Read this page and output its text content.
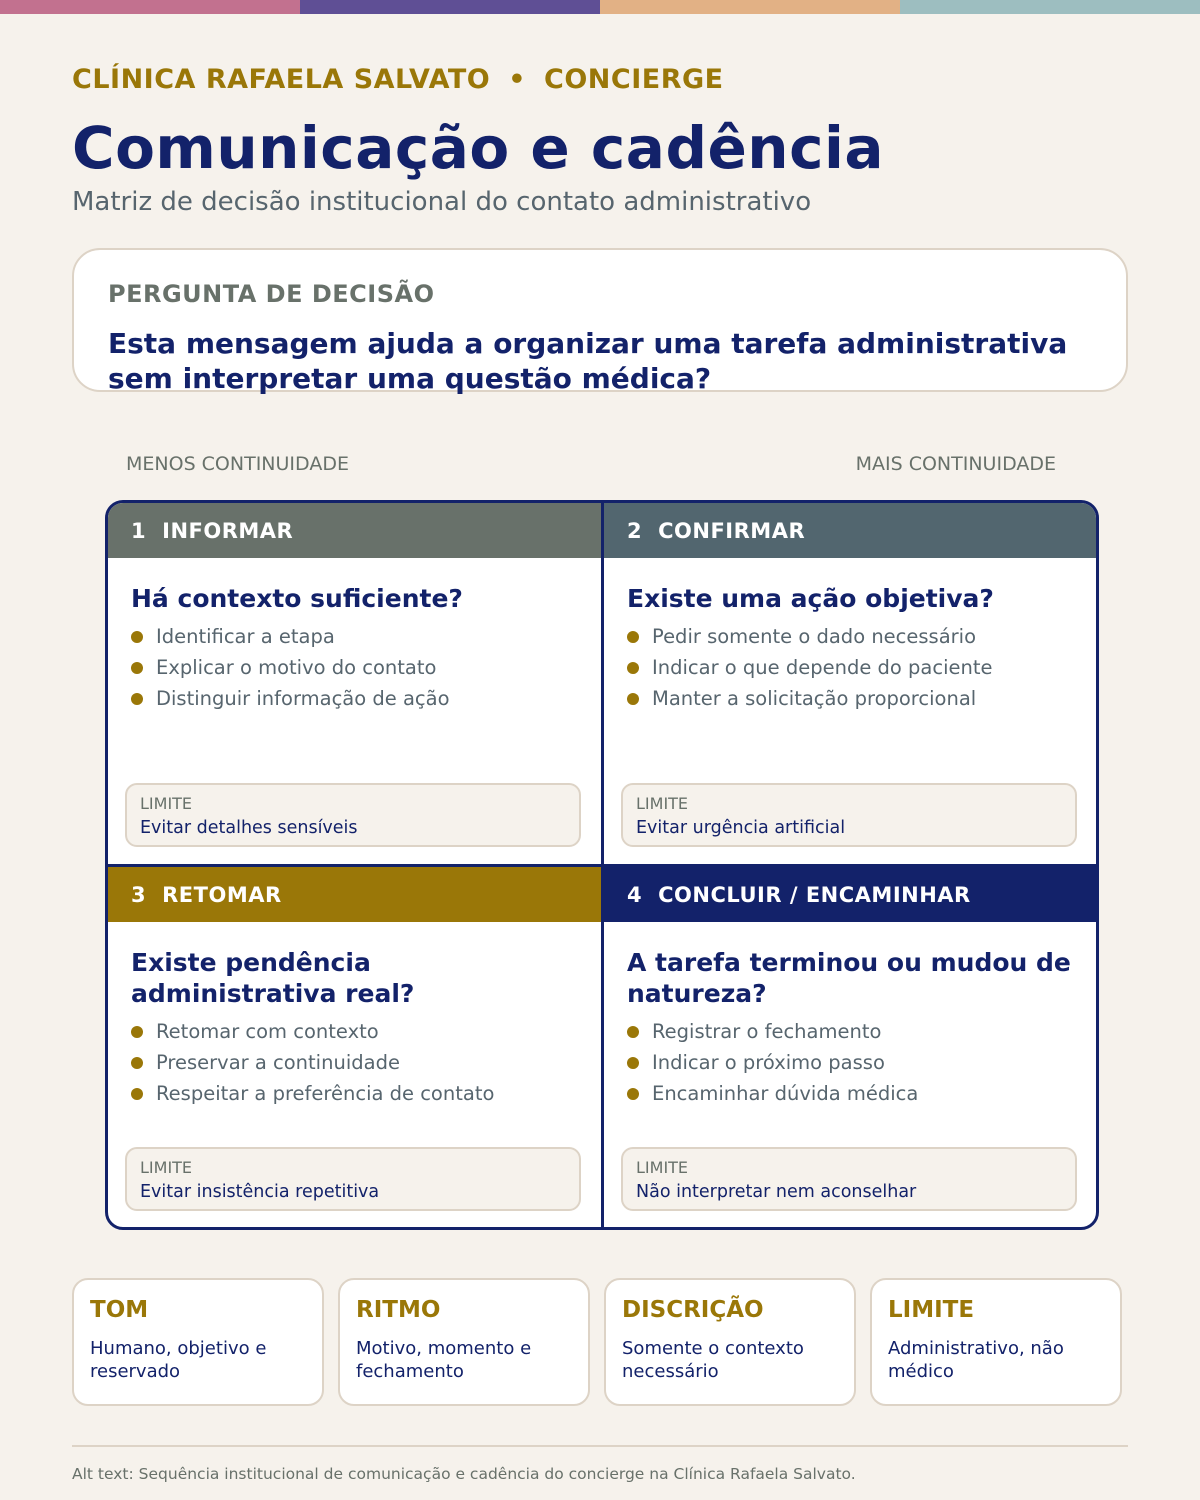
CLÍNICA RAFAELA SALVATO • CONCIERGE
Comunicação e cadência
Matriz de decisão institucional do contato administrativo
PERGUNTA DE DECISÃO
Esta mensagem ajuda a organizar uma tarefa administrativa sem interpretar uma questão médica?
MENOS CONTINUIDADE	MAIS CONTINUIDADE
1 INFORMAR
Há contexto suficiente?
Identificar a etapa
Explicar o motivo do contato
Distinguir informação de ação
LIMITE
Evitar detalhes sensíveis
2 CONFIRMAR
Existe uma ação objetiva?
Pedir somente o dado necessário
Indicar o que depende do paciente
Manter a solicitação proporcional
LIMITE
Evitar urgência artificial
3 RETOMAR
Existe pendência administrativa real?
Retomar com contexto
Preservar a continuidade
Respeitar a preferência de contato
LIMITE
Evitar insistência repetitiva
4 CONCLUIR / ENCAMINHAR
A tarefa terminou ou mudou de natureza?
Registrar o fechamento
Indicar o próximo passo
Encaminhar dúvida médica
LIMITE
Não interpretar nem aconselhar
TOM
Humano, objetivo e reservado
RITMO
Motivo, momento e fechamento
DISCRIÇÃO
Somente o contexto necessário
LIMITE
Administrativo, não médico
Alt text: Sequência institucional de comunicação e cadência do concierge na Clínica Rafaela Salvato.
